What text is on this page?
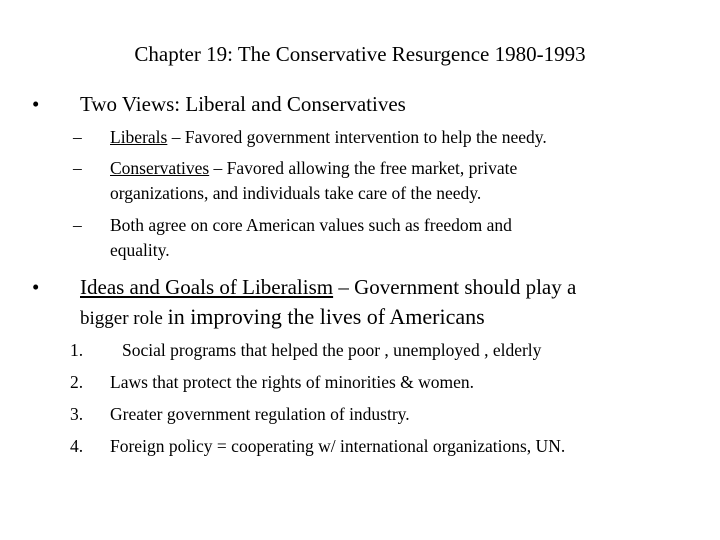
Chapter 19: The Conservative Resurgence 1980-1993
• Two Views: Liberal and Conservatives
– Liberals – Favored government intervention to help the needy.
– Conservatives – Favored allowing the free market, private
organizations, and individuals take care of the needy.
– Both agree on core American values such as freedom and
equality.
• Ideas and Goals of Liberalism – Government should play a
bigger role in improving the lives of Americans
1. Social programs that helped the poor , unemployed , elderly
2. Laws that protect the rights of minorities & women.
3. Greater government regulation of industry.
4. Foreign policy = cooperating w/ international organizations, UN.
